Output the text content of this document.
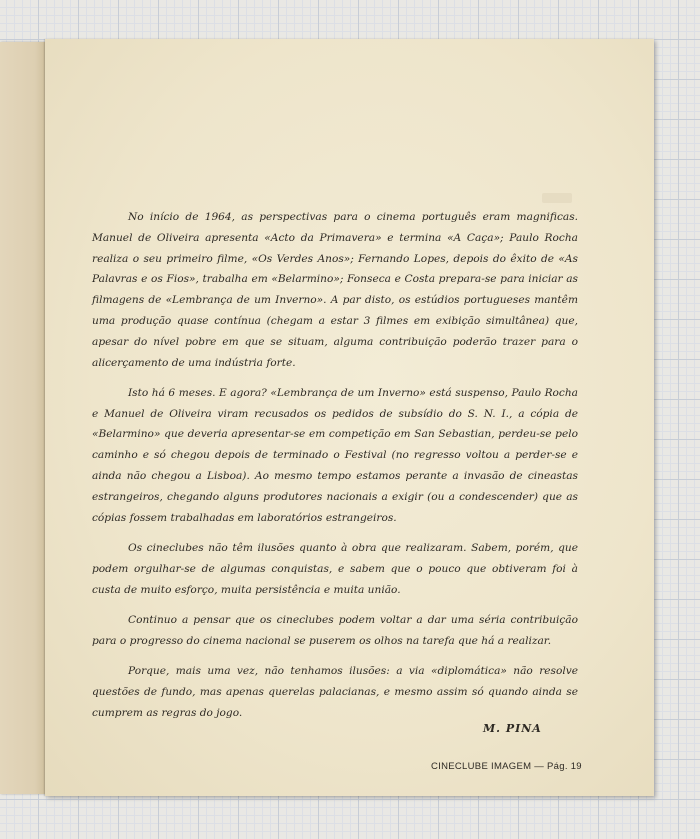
No início de 1964, as perspectivas para o cinema português eram magnificas. Manuel de Oliveira apresenta «Acto da Primavera» e termina «A Caça»; Paulo Rocha realiza o seu primeiro filme, «Os Verdes Anos»; Fernando Lopes, depois do êxito de «As Palavras e os Fios», trabalha em «Belarmino»; Fonseca e Costa prepara-se para iniciar as filmagens de «Lembrança de um Inverno». A par disto, os estúdios portugueses mantêm uma produção quase contínua (chegam a estar 3 filmes em exibição simultânea) que, apesar do nível pobre em que se situam, alguma contribuição poderão trazer para o alicerçamento de uma indústria forte.

Isto há 6 meses. E agora? «Lembrança de um Inverno» está suspenso, Paulo Rocha e Manuel de Oliveira viram recusados os pedidos de subsídio do S. N. I., a cópia de «Belarmino» que deveria apresentar-se em competição em San Sebastian, perdeu-se pelo caminho e só chegou depois de terminado o Festival (no regresso voltou a perder-se e ainda não chegou a Lisboa). Ao mesmo tempo estamos perante a invasão de cineastas estrangeiros, chegando alguns produtores nacionais a exigir (ou a condescender) que as cópias fossem trabalhadas em laboratórios estrangeiros.

Os cineclubes não têm ilusões quanto à obra que realizaram. Sabem, porém, que podem orgulhar-se de algumas conquistas, e sabem que o pouco que obtiveram foi à custa de muito esforço, muita persistência e muita união.

Continuo a pensar que os cineclubes podem voltar a dar uma séria contribuição para o progresso do cinema nacional se puserem os olhos na tarefa que há a realizar.

Porque, mais uma vez, não tenhamos ilusões: a via «diplomática» não resolve questões de fundo, mas apenas querelas palacianas, e mesmo assim só quando ainda se cumprem as regras do jogo.

M. PINA
CINECLUBE IMAGEM — Pág. 19
